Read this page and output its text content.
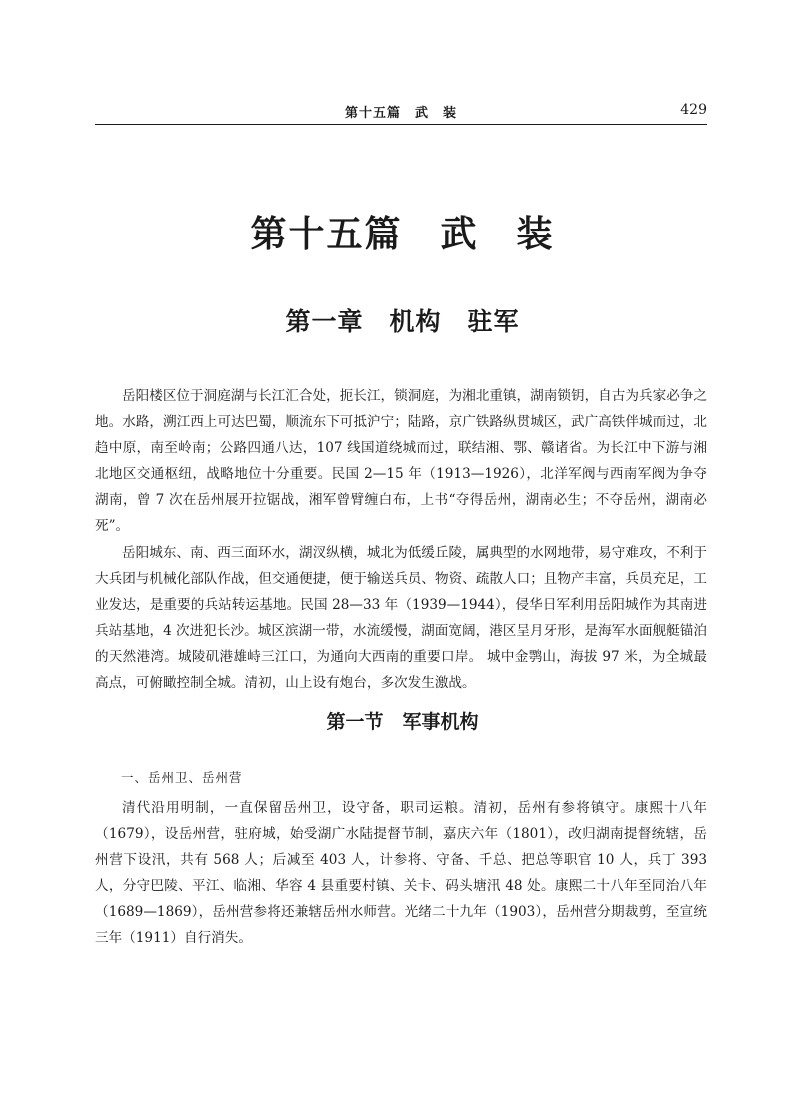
第十五篇　武　装	429
第十五篇　武　装
第一章　机构　驻军

岳阳楼区位于洞庭湖与长江汇合处，扼长江，锁洞庭，为湘北重镇，湖南锁钥，自古为兵家必争之地。水路，溯江西上可达巴蜀，顺流东下可抵沪宁；陆路，京广铁路纵贯城区，武广高铁伴城而过，北趋中原，南至岭南；公路四通八达，107 线国道绕城而过，联结湘、鄂、赣诸省。为长江中下游与湘北地区交通枢纽，战略地位十分重要。民国 2—15 年（1913—1926），北洋军阀与西南军阀为争夺湖南，曾 7 次在岳州展开拉锯战，湘军曾臂缠白布，上书“夺得岳州，湖南必生；不夺岳州，湖南必死”。

岳阳城东、南、西三面环水，湖汊纵横，城北为低缓丘陵，属典型的水网地带，易守难攻，不利于大兵团与机械化部队作战，但交通便捷，便于输送兵员、物资、疏散人口；且物产丰富，兵员充足，工业发达，是重要的兵站转运基地。民国 28—33 年（1939—1944），侵华日军利用岳阳城作为其南进兵站基地，4 次进犯长沙。城区滨湖一带，水流缓慢，湖面宽阔，港区呈月牙形，是海军水面舰艇锚泊的天然港湾。城陵矶港雄峙三江口，为通向大西南的重要口岸。 城中金鹗山，海拔 97 米，为全城最高点，可俯瞰控制全城。清初，山上设有炮台，多次发生激战。

第一节　军事机构
一、岳州卫、岳州营

清代沿用明制，一直保留岳州卫，设守备，职司运粮。清初，岳州有参将镇守。康熙十八年（1679），设岳州营，驻府城，始受湖广水陆提督节制，嘉庆六年（1801），改归湖南提督统辖，岳州营下设汛，共有 568 人；后减至 403 人，计参将、守备、千总、把总等职官 10 人，兵丁 393 人，分守巴陵、平江、临湘、华容 4 县重要村镇、关卡、码头塘汛 48 处。康熙二十八年至同治八年（1689—1869），岳州营参将还兼辖岳州水师营。光绪二十九年（1903），岳州营分期裁剪，至宣统三年（1911）自行消失。
